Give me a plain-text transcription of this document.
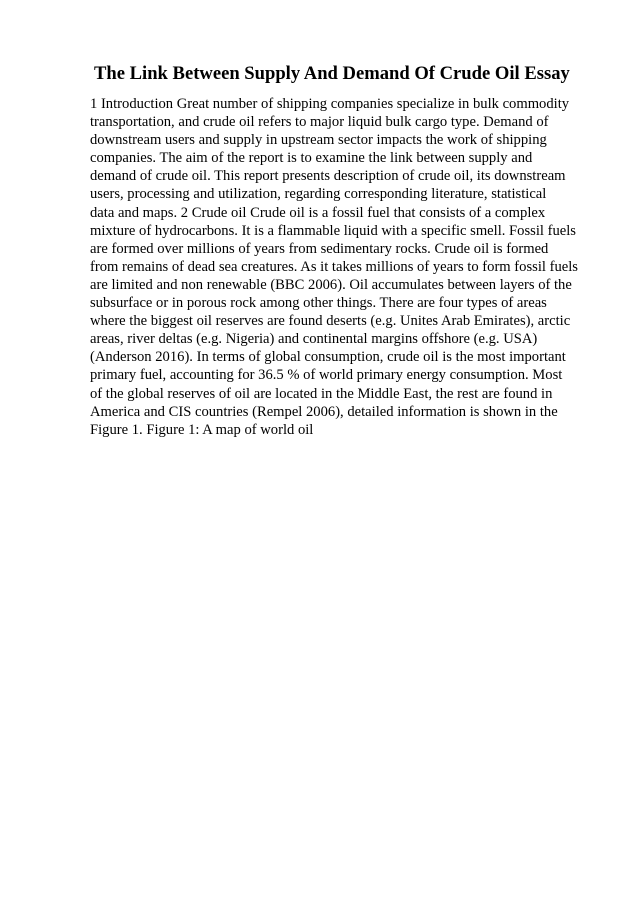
The Link Between Supply And Demand Of Crude Oil Essay
1 Introduction Great number of shipping companies specialize in bulk commodity
transportation, and crude oil refers to major liquid bulk cargo type. Demand of
downstream users and supply in upstream sector impacts the work of shipping
companies. The aim of the report is to examine the link between supply and
demand of crude oil. This report presents description of crude oil, its downstream
users, processing and utilization, regarding corresponding literature, statistical
data and maps. 2 Crude oil Crude oil is a fossil fuel that consists of a complex
mixture of hydrocarbons. It is a flammable liquid with a specific smell. Fossil fuels
are formed over millions of years from sedimentary rocks. Crude oil is formed
from remains of dead sea creatures. As it takes millions of years to form fossil fuels
are limited and non renewable (BBC 2006). Oil accumulates between layers of the
subsurface or in porous rock among other things. There are four types of areas
where the biggest oil reserves are found deserts (e.g. Unites Arab Emirates), arctic
areas, river deltas (e.g. Nigeria) and continental margins offshore (e.g. USA)
(Anderson 2016). In terms of global consumption, crude oil is the most important
primary fuel, accounting for 36.5 % of world primary energy consumption. Most
of the global reserves of oil are located in the Middle East, the rest are found in
America and CIS countries (Rempel 2006), detailed information is shown in the
Figure 1. Figure 1: A map of world oil
